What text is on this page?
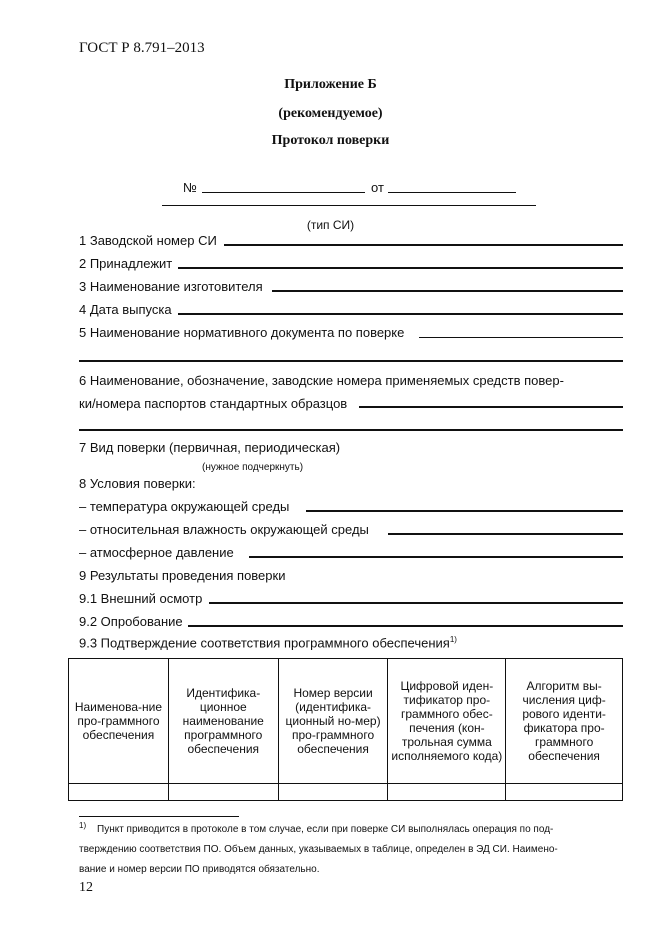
ГОСТ Р 8.791–2013
Приложение Б
(рекомендуемое)
Протокол поверки
№	от
(тип СИ)
1 Заводской номер СИ
2 Принадлежит
3 Наименование изготовителя
4 Дата выпуска
5 Наименование нормативного документа по поверке
6 Наименование, обозначение, заводские номера применяемых средств повер-
ки/номера паспортов стандартных образцов
7 Вид поверки (первичная, периодическая)
(нужное подчеркнуть)
8 Условия поверки:
– температура окружающей среды
– относительная влажность окружающей среды
– атмосферное давление
9 Результаты проведения поверки
9.1 Внешний осмотр
9.2 Опробование
9.3 Подтверждение соответствия программного обеспечения$^{1)}$
Наименова-ние про-граммного обеспечения	Идентифика-ционное наименование программного обеспечения	Номер версии (идентифика-ционный но-мер) про-граммного обеспечения	Цифровой иден-тификатор про-граммного обес-печения (кон-трольная сумма исполняемого кода)	Алгоритм вы-числения циф-рового иденти-фикатора про-граммного обеспечения

1) Пункт приводится в протоколе в том случае, если при поверке СИ выполнялась операция по под-
тверждению соответствия ПО. Объем данных, указываемых в таблице, определен в ЭД СИ. Наимено-
вание и номер версии ПО приводятся обязательно.
12
